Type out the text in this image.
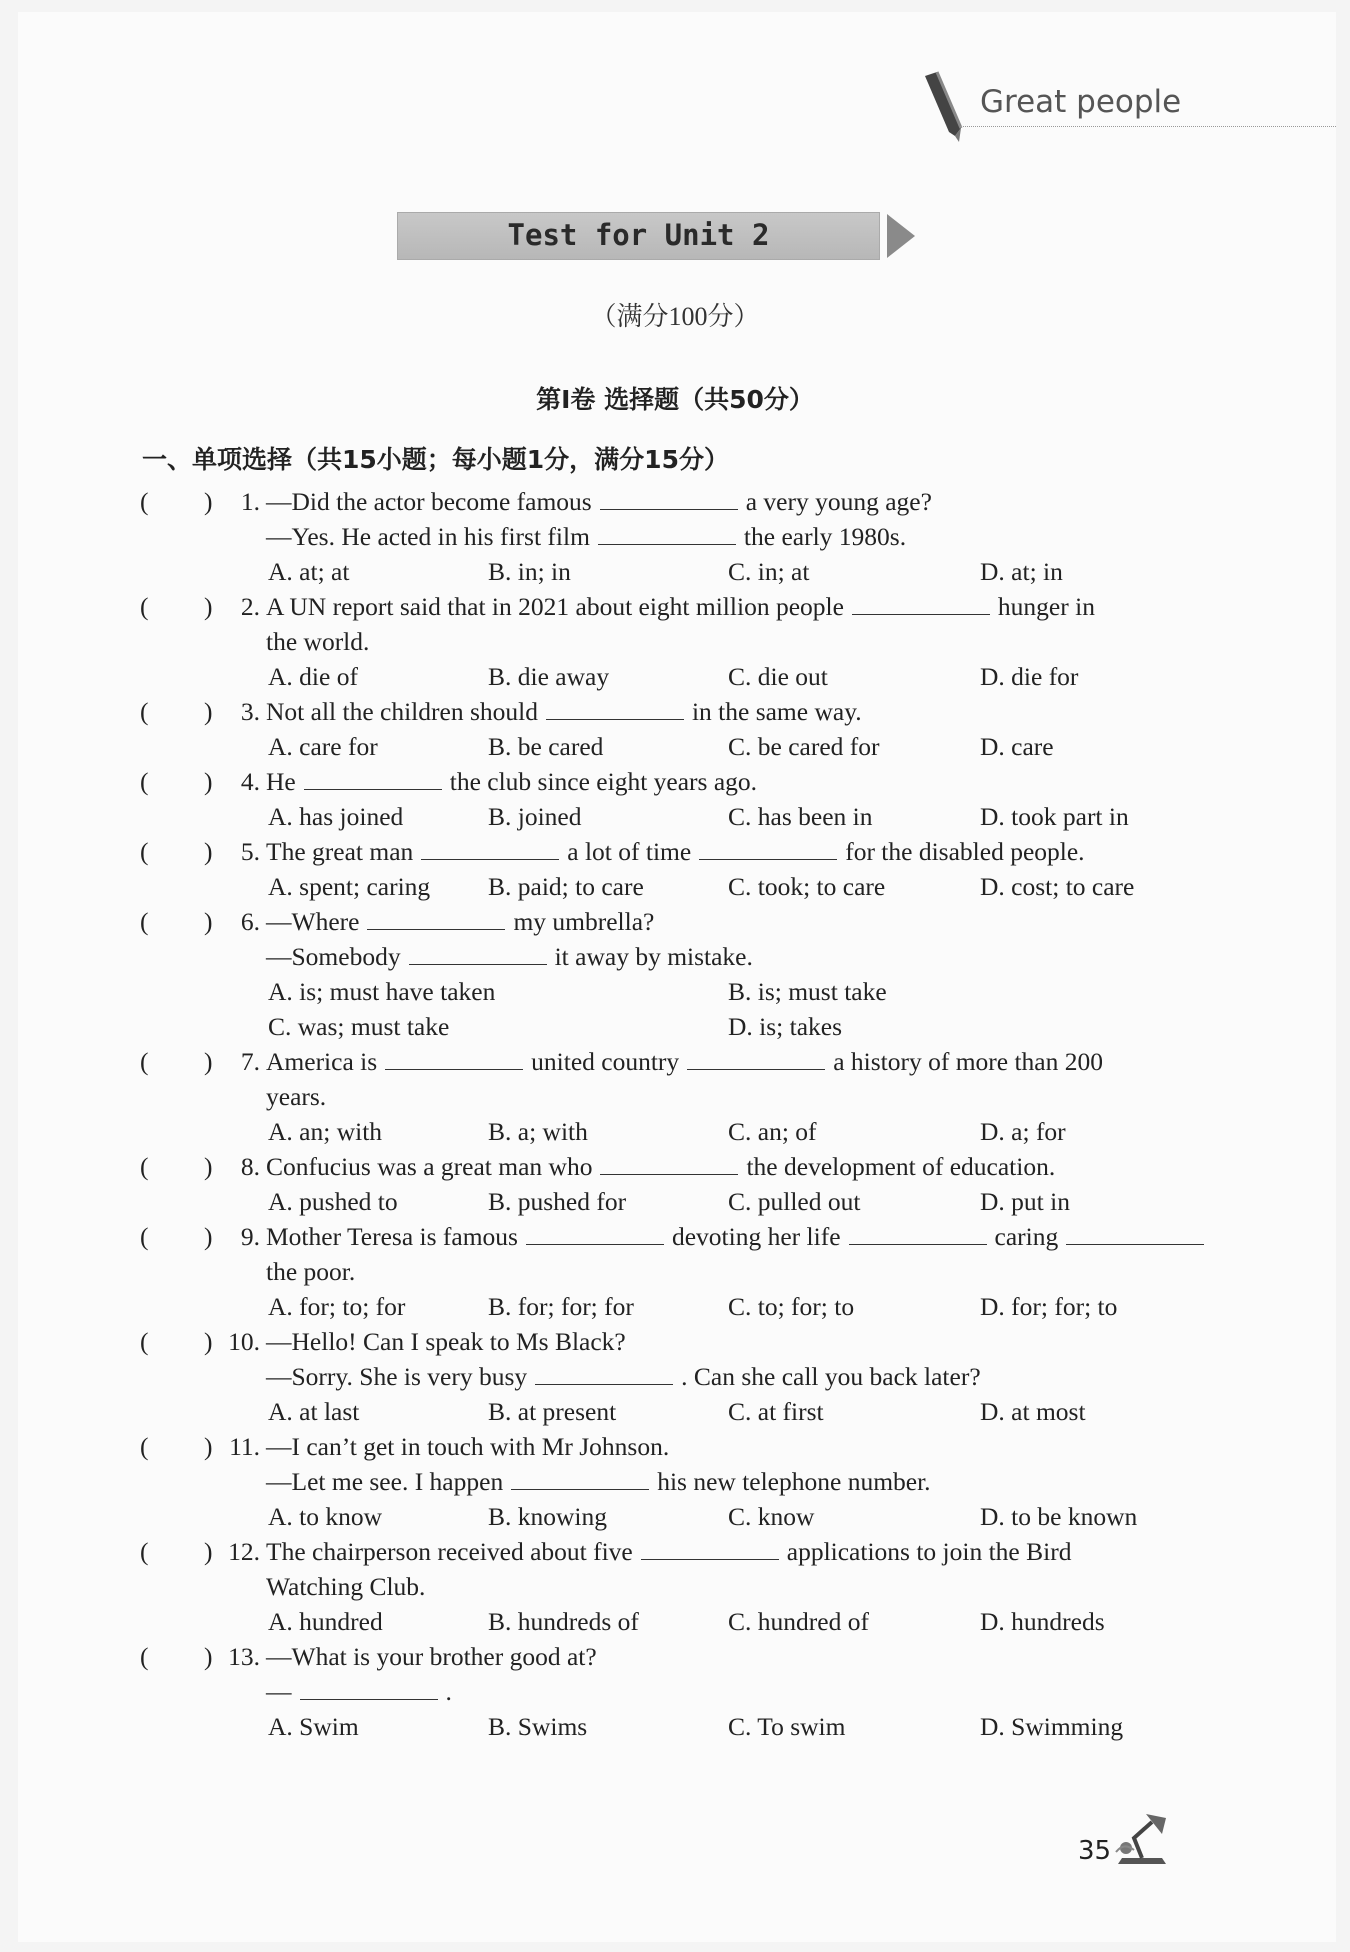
Great people
Test for Unit 2
（满分100分）
第Ⅰ卷 选择题（共50分）
一、单项选择（共15小题；每小题1分，满分15分）
( )	1. —Did the actor become famous	a very young age?
—Yes. He acted in his first film	the early 1980s.
A. at; at	B. in; in	C. in; at	D. at; in
( )	2. A UN report said that in 2021 about eight million people	hunger in
the world.
A. die of	B. die away	C. die out	D. die for
( )	3. Not all the children should	in the same way.
A. care for	B. be cared	C. be cared for	D. care
( )	4. He	the club since eight years ago.
A. has joined	B. joined	C. has been in	D. took part in
( )	5. The great man	a lot of time	for the disabled people.
A. spent; caring B. paid; to care	C. took; to care	D. cost; to care
( )	6. —Where	my umbrella?
—Somebody	it away by mistake.
A. is; must have taken	B. is; must take
C. was; must take	D. is; takes
( )	7. America is	united country	a history of more than 200
years.
A. an; with	B. a; with	C. an; of	D. a; for
( )	8. Confucius was a great man who	the development of education.
A. pushed to	B. pushed for	C. pulled out	D. put in
( )	9. Mother Teresa is famous	devoting her life	caring
the poor.
A. for; to; for	B. for; for; for	C. to; for; to	D. for; for; to
( ) 10. —Hello! Can I speak to Ms Black?
—Sorry. She is very busy	. Can she call you back later?
A. at last	B. at present	C. at first	D. at most
( ) 11. —I can’t get in touch with Mr Johnson.
—Let me see. I happen	his new telephone number.
A. to know	B. knowing	C. know	D. to be known
( ) 12. The chairperson received about five	applications to join the Bird
Watching Club.
A. hundred	B. hundreds of	C. hundred of	D. hundreds
( ) 13. —What is your brother good at?
—	.
A. Swim	B. Swims	C. To swim	D. Swimming
35
